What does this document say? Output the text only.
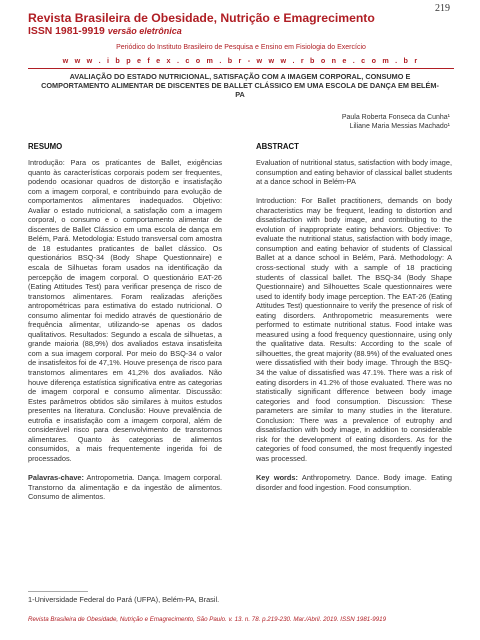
219
Revista Brasileira de Obesidade, Nutrição e Emagrecimento
ISSN 1981-9919 versão eletrônica
Periódico do Instituto Brasileiro de Pesquisa e Ensino em Fisiologia do Exercício
w w w . i b p e f e x . c o m . b r - w w w . r b o n e . c o m . b r
AVALIAÇÃO DO ESTADO NUTRICIONAL, SATISFAÇÃO COM A IMAGEM CORPORAL, CONSUMO E COMPORTAMENTO ALIMENTAR DE DISCENTES DE BALLET CLÁSSICO EM UMA ESCOLA DE DANÇA EM BELÉM-PA
Paula Roberta Fonseca da Cunha¹
Liliane Maria Messias Machado¹
RESUMO	ABSTRACT

Introdução: Para os praticantes de Ballet, exigências quanto às características corporais podem ser frequentes, podendo ocasionar quadros de distorção e insatisfação com a imagem corporal, e contribuindo para evolução de comportamentos alimentares inadequados. Objetivo: Avaliar o estado nutricional, a satisfação com a imagem corporal, o consumo e o comportamento alimentar de discentes de Ballet Clássico em uma escola de dança em Belém, Pará. Metodologia: Estudo transversal com amostra de 18 estudantes praticantes de ballet clássico. Os questionários BSQ-34 (Body Shape Questionnaire) e escala de Silhuetas foram usados na identificação da percepção de imagem corporal. O questionário EAT-26 (Eating Attitudes Test) para verificar presença de risco de transtornos alimentares. Foram realizadas aferições antropométricas para estimativa do estado nutricional. O consumo alimentar foi medido através de questionário de frequência alimentar, utilizando-se apenas os dados qualitativos. Resultados: Segundo a escala de silhuetas, a grande maioria (88,9%) dos avaliados estava insatisfeita com a sua imagem corporal. Por meio do BSQ-34 o valor de insatisfeitos foi de 47,1%. Houve presença de risco para transtornos alimentares em 41,2% dos avaliados. Não houve diferença estatística significativa entre as categorias de imagem corporal e consumo alimentar. Discussão: Estes parâmetros obtidos são similares à muitos estudos presentes na literatura. Conclusão: Houve prevalência de eutrofia e insatisfação com a imagem corporal, além de considerável risco para desenvolvimento de transtornos alimentares. Quanto às categorias de alimentos consumidos, a mais frequentemente ingerida foi de processados.

Palavras-chave: Antropometria. Dança. Imagem corporal. Transtorno da alimentação e da ingestão de alimentos. Consumo de alimentos.

Evaluation of nutritional status, satisfaction with body image, consumption and eating behavior of classical ballet students at a dance school in Belém-PA

Introduction: For Ballet practitioners, demands on body characteristics may be frequent, leading to distortion and dissatisfaction with body image, and contributing to the evolution of inappropriate eating behaviors. Objective: To evaluate the nutritional status, satisfaction with body image, consumption and eating behavior of students of Classical Ballet at a dance school in Belém, Pará. Methodology: A cross-sectional study with a sample of 18 practicing students of classical ballet. The BSQ-34 (Body Shape Questionnaire) and Silhouettes Scale questionnaires were used to identify body image perception. The EAT-26 (Eating Attitudes Test) questionnaire to verify the presence of risk of eating disorders. Anthropometric measurements were performed to estimate nutritional status. Food intake was measured using a food frequency questionnaire, using only the qualitative data. Results: According to the scale of silhouettes, the great majority (88.9%) of the evaluated ones were dissatisfied with their body image. Through the BSQ-34 the value of dissatisfied was 47.1%. There was a risk of eating disorders in 41.2% of those evaluated. There was no statistically significant difference between body image categories and food consumption. Discussion: These parameters are similar to many studies in the literature. Conclusion: There was a prevalence of eutrophy and dissatisfaction with body image, in addition to considerable risk for the development of eating disorders. As for the categories of food consumed, the most frequently ingested was processed.

Key words: Anthropometry. Dance. Body image. Eating disorder and food ingestion. Food consumption.

1-Universidade Federal do Pará (UFPA), Belém-PA, Brasil.
Revista Brasileira de Obesidade, Nutrição e Emagrecimento, São Paulo. v. 13. n. 78. p.219-230. Mar./Abril. 2019. ISSN 1981-9919
